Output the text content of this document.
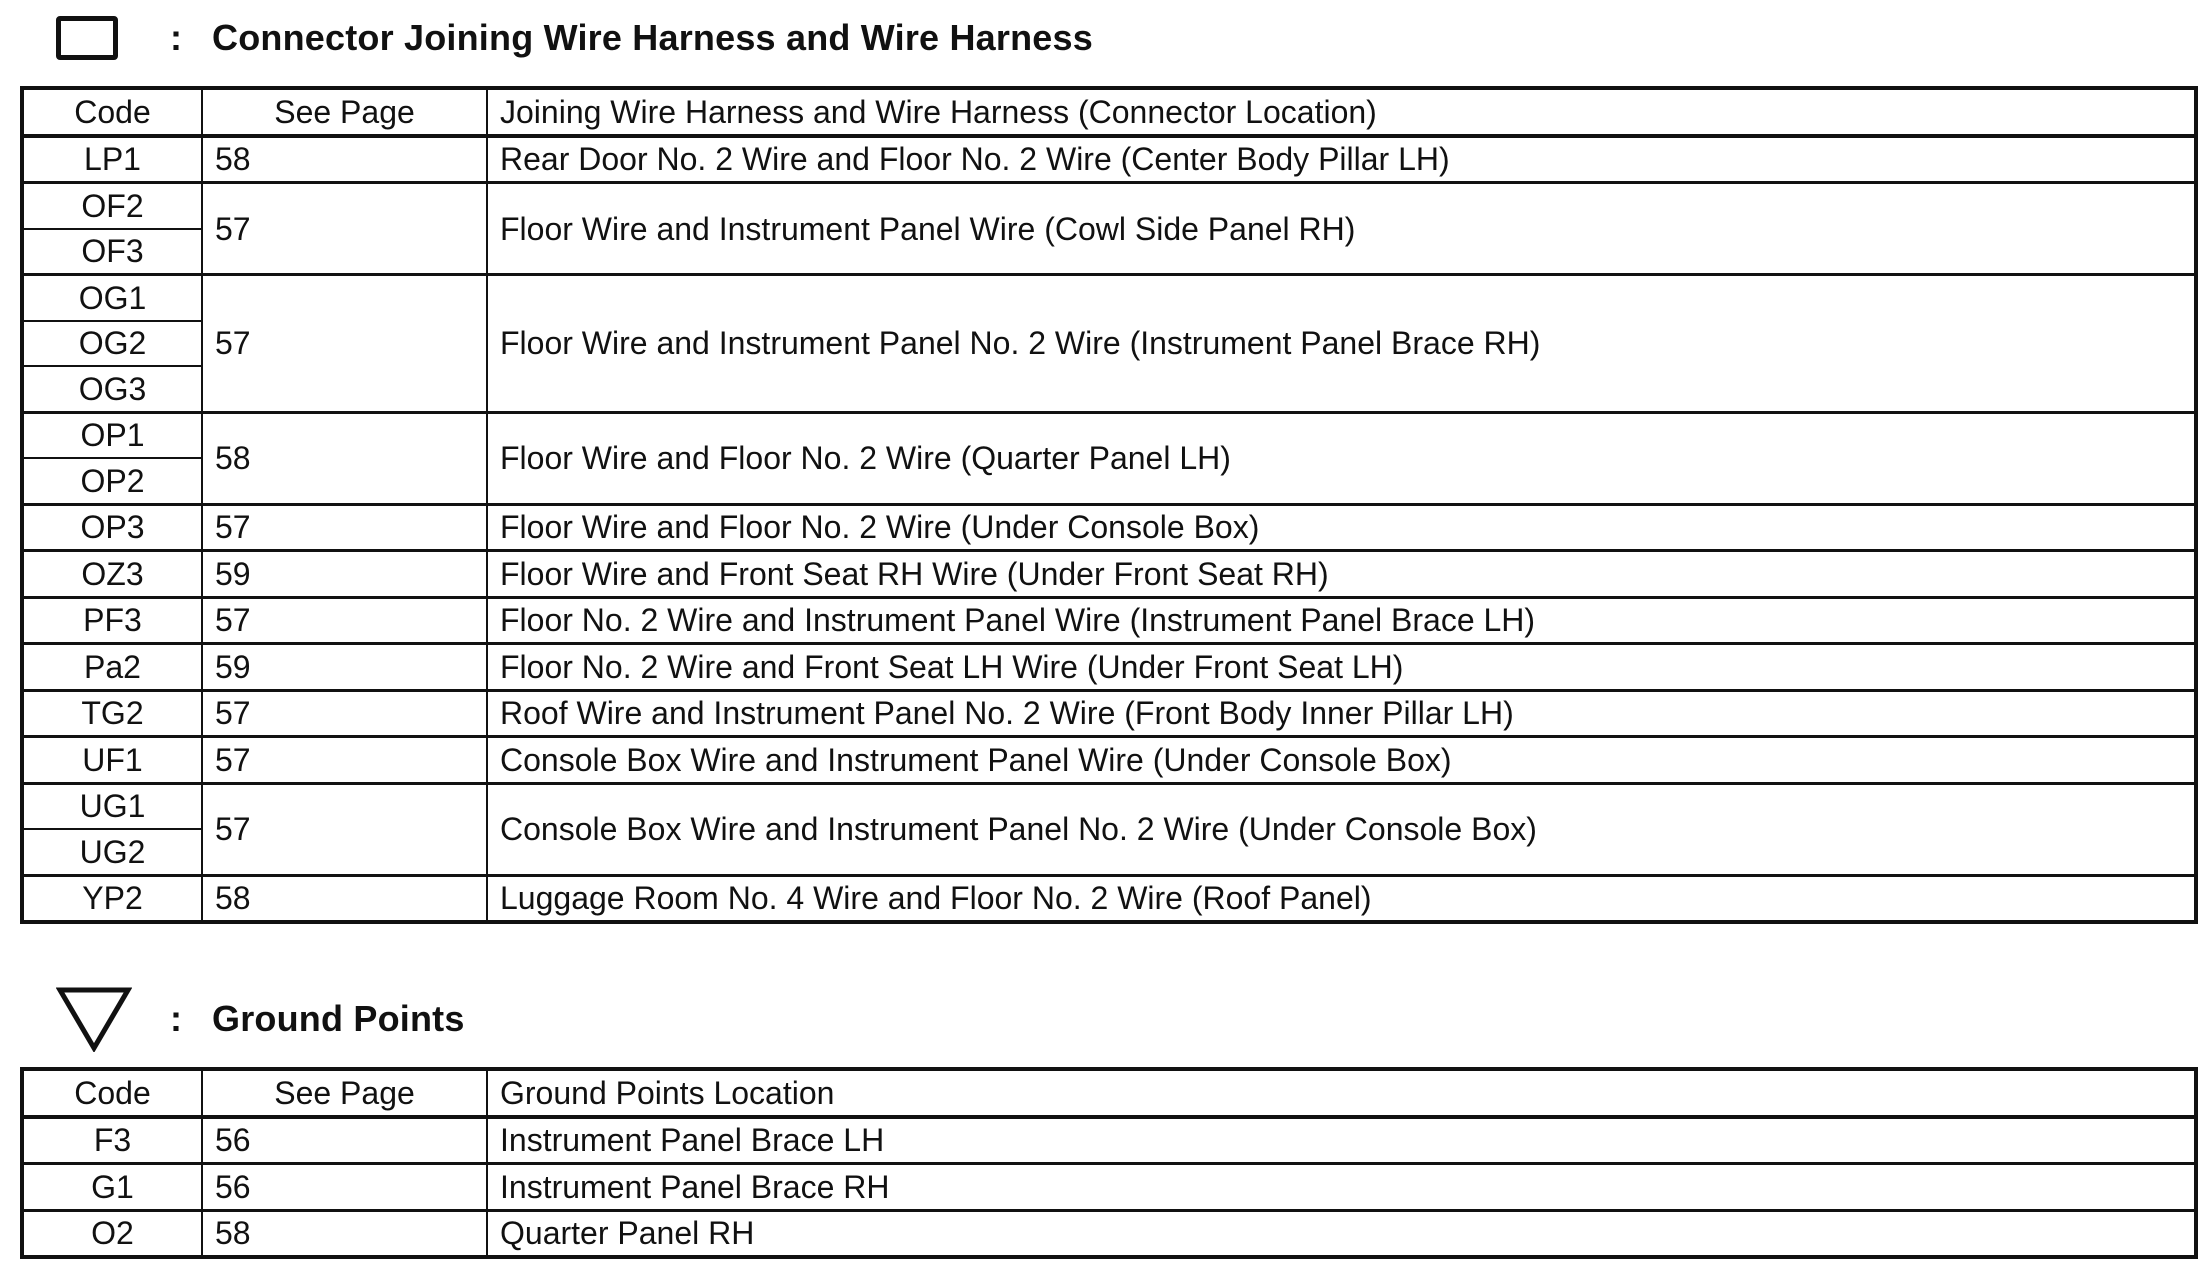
: Connector Joining Wire Harness and Wire Harness
Code	See Page	Joining Wire Harness and Wire Harness (Connector Location)
LP1	58	Rear Door No. 2 Wire and Floor No. 2 Wire (Center Body Pillar LH)
OF2	57	Floor Wire and Instrument Panel Wire (Cowl Side Panel RH)
OF3		
OG1	57	Floor Wire and Instrument Panel No. 2 Wire (Instrument Panel Brace RH)
OG2		
OG3		
OP1	58	Floor Wire and Floor No. 2 Wire (Quarter Panel LH)
OP2		
OP3	57	Floor Wire and Floor No. 2 Wire (Under Console Box)
OZ3	59	Floor Wire and Front Seat RH Wire (Under Front Seat RH)
PF3	57	Floor No. 2 Wire and Instrument Panel Wire (Instrument Panel Brace LH)
Pa2	59	Floor No. 2 Wire and Front Seat LH Wire (Under Front Seat LH)
TG2	57	Roof Wire and Instrument Panel No. 2 Wire (Front Body Inner Pillar LH)
UF1	57	Console Box Wire and Instrument Panel Wire (Under Console Box)
UG1	57	Console Box Wire and Instrument Panel No. 2 Wire (Under Console Box)
UG2		
YP2	58	Luggage Room No. 4 Wire and Floor No. 2 Wire (Roof Panel)
: Ground Points
Code	See Page	Ground Points Location
F3	56	Instrument Panel Brace LH
G1	56	Instrument Panel Brace RH
O2	58	Quarter Panel RH
